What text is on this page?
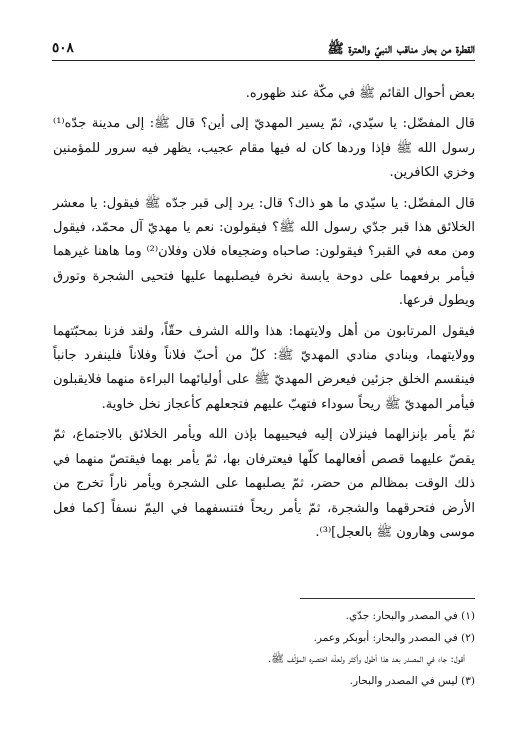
القطرة من بحار مناقب النبيّ والعترة ﷺ
٥٠٨

بعض أحوال القائم ﷺ في مكّة عند ظهوره.

قال المفضّل: يا سيّدي، ثمّ يسير المهديّ إلى أين؟ قال ﷺ: إلى مدينة جدّه⁽¹⁾ رسول الله ﷺ فإذا وردها كان له فيها مقام عجيب، يظهر فيه سرور للمؤمنين وخزي الكافرين.

قال المفضّل: يا سيّدي ما هو ذاك؟ قال: يرد إلى قبر جدّه ﷺ فيقول: يا معشر الخلائق هذا قبر جدّي رسول الله ﷺ؟ فيقولون: نعم يا مهديّ آل محمّد، فيقول ومن معه في القبر؟ فيقولون: صاحباه وضجيعاه فلان وفلان⁽²⁾ وما هاهنا غيرهما فيأمر برفعهما على دوحة يابسة نخرة فيصلبهما عليها فتحيى الشجرة وتورق ويطول فرعها.

فيقول المرتابون من أهل ولايتهما: هذا والله الشرف حقّاً، ولقد فزنا بمحبّتهما وولايتهما، وينادي منادي المهديّ ﷺ: كلّ من أحبّ فلاناً وفلاناً فلينفرد جانباً فينقسم الخلق جزئين فيعرض المهديّ ﷺ على أوليائهما البراءة منهما فلايقبلون فيأمر المهديّ ﷺ ريحاً سوداء فتهبّ عليهم فتجعلهم كأعجاز نخل خاوية.

ثمّ يأمر بإنزالهما فينزلان إليه فيحييهما بإذن الله ويأمر الخلائق بالاجتماع، ثمّ يقصّ عليهما قصص أفعالهما كلّها فيعترفان بها، ثمّ يأمر بهما فيقتصّ منهما في ذلك الوقت بمظالم من حضر، ثمّ يصلبهما على الشجرة ويأمر ناراً تخرج من الأرض فتحرقهما والشجرة، ثمّ يأمر ريحاً فتنسفهما في اليمّ نسفاً [كما فعل موسى وهارون ﷺ بالعجل]⁽³⁾.

(١) في المصدر والبحار: جدّي.
(٢) في المصدر والبحار: أبوبكر وعمر.
أقول: جاء في المصدر بعد هذا أطول وأكثر ولعلّه اختصره المؤلّف ﷺ.
(٣) ليس في المصدر والبحار.
